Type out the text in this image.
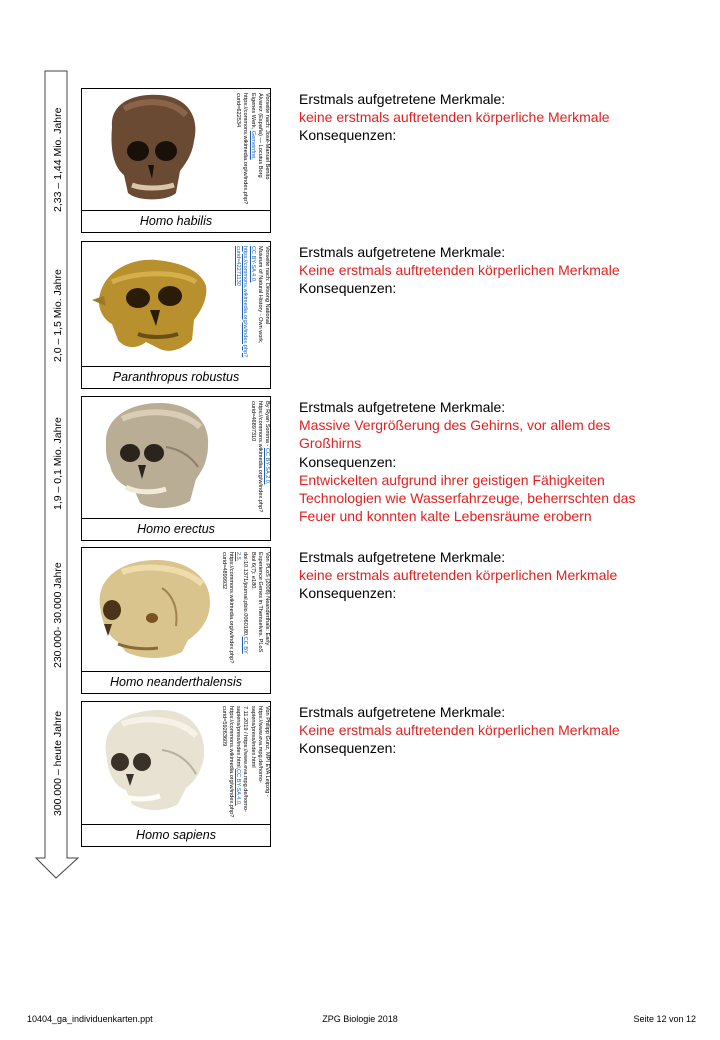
Vorseite nach: José-Manuel Benito
Álvarez (España) — Locutus Borg
Eigenes Werk, Gemeinfrei,
https://commons.wikimedia.org/w/index.php?curid=622534
Homo habilis
Vorseite nach: Ditsong National
Museum of Natural History - Own work,
CC BY-SA 4.0, https://commons.wikimedia.org/w/index.php?curid=42271130
Paranthropus robustus
By Ryan Somma - CC BY-SA 2.0,
https://commons.wikimedia.org/w/index.php?curid=46897310
Homo erectus
Von PLoS (2008) Neanderthals: Early
Experience Genes in Themselves. PLoS
Biol 6(7): e180.
doi:10.1371/journal.pbio.0060180,CC BY 2.5,
https://commons.wikimedia.org/w/index.php?curid=4899932
Homo neanderthalensis
Von Philipp Gunz, MPI EVA Leipzig -
https://www.eva.mpg.de/homo-sapiens/press/index.html
7.11.2019 / https://www.eva.mpg.de/homo-sapiens/press/index.html,CC BY-SA 4.0,
https://commons.wikimedia.org/w/index.php?curid=59263609
Homo sapiens
Erstmals aufgetretene Merkmale:
keine erstmals auftretenden körperliche Merkmale
Konsequenzen:
Erstmals aufgetretene Merkmale:
Keine erstmals auftretenden körperlichen Merkmale
Konsequenzen:
Erstmals aufgetretene Merkmale:
Massive Vergrößerung des Gehirns, vor allem des
Großhirns
Konsequenzen:
Entwickelten aufgrund ihrer geistigen Fähigkeiten
Technologien wie Wasserfahrzeuge, beherrschten das
Feuer und konnten kalte Lebensräume erobern
Erstmals aufgetretene Merkmale:
keine erstmals auftretenden körperlichen Merkmale
Konsequenzen:
Erstmals aufgetretene Merkmale:
Keine erstmals auftretenden körperlichen Merkmale
Konsequenzen:
10404_ga_individuenkarten.ppt	ZPG Biologie 2018	Seite 12 von 12
